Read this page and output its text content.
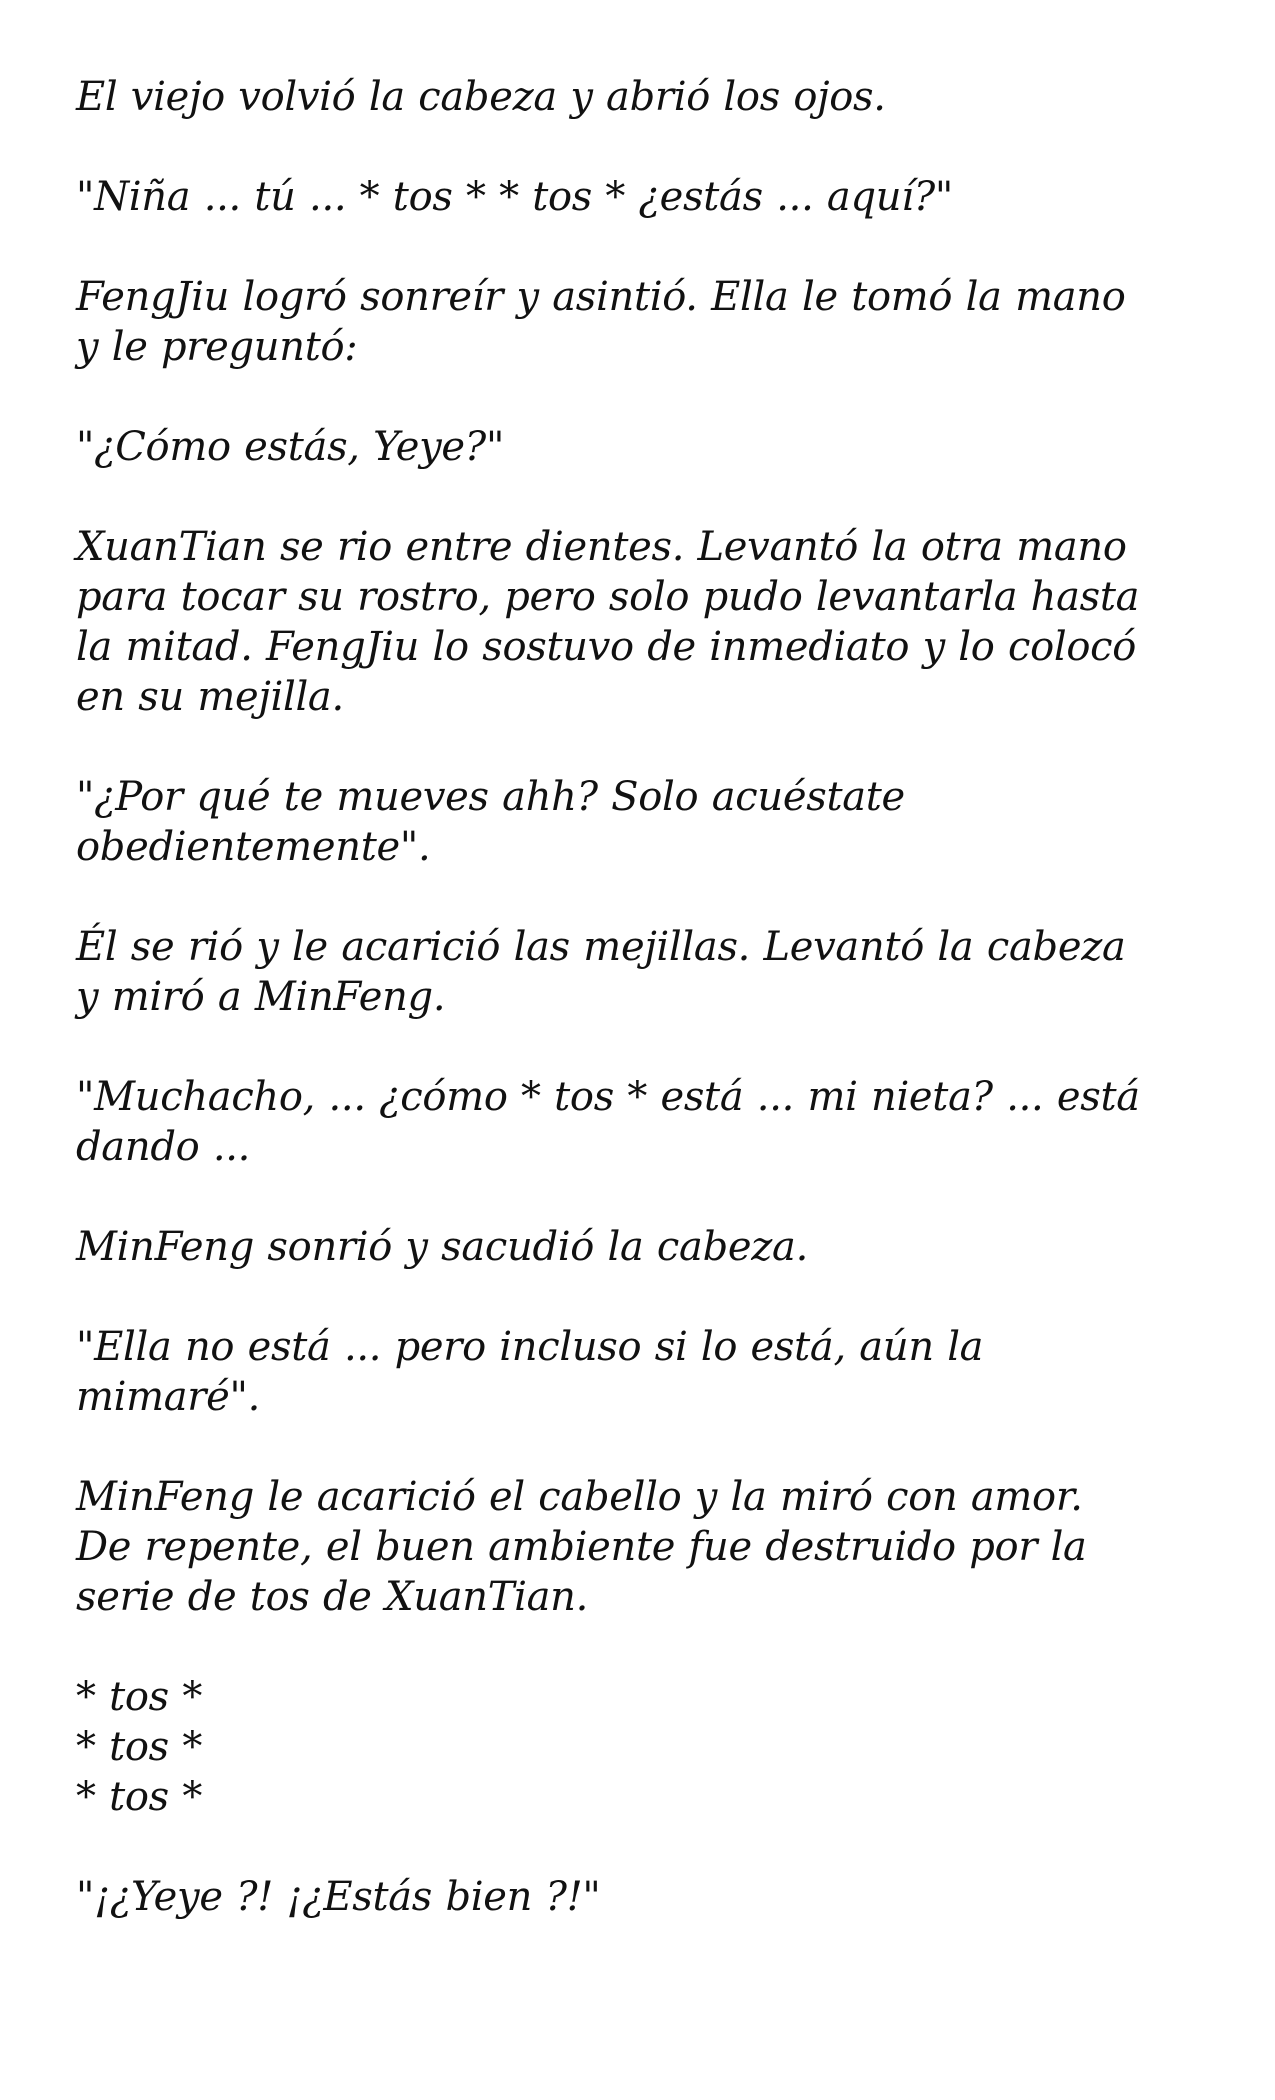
El viejo volvió la cabeza y abrió los ojos.

"Niña ... tú ... * tos * * tos * ¿estás ... aquí?"

FengJiu logró sonreír y asintió. Ella le tomó la mano
y le preguntó:

"¿Cómo estás, Yeye?"

XuanTian se rio entre dientes. Levantó la otra mano
para tocar su rostro, pero solo pudo levantarla hasta
la mitad. FengJiu lo sostuvo de inmediato y lo colocó
en su mejilla.

"¿Por qué te mueves ahh? Solo acuéstate
obedientemente".

Él se rió y le acarició las mejillas. Levantó la cabeza
y miró a MinFeng.

"Muchacho, ... ¿cómo * tos * está ... mi nieta? ... está
dando ...

MinFeng sonrió y sacudió la cabeza.

"Ella no está ... pero incluso si lo está, aún la
mimaré".

MinFeng le acarició el cabello y la miró con amor.
De repente, el buen ambiente fue destruido por la
serie de tos de XuanTian.

* tos *
* tos *
* tos *

"¡¿Yeye ?! ¡¿Estás bien ?!"
